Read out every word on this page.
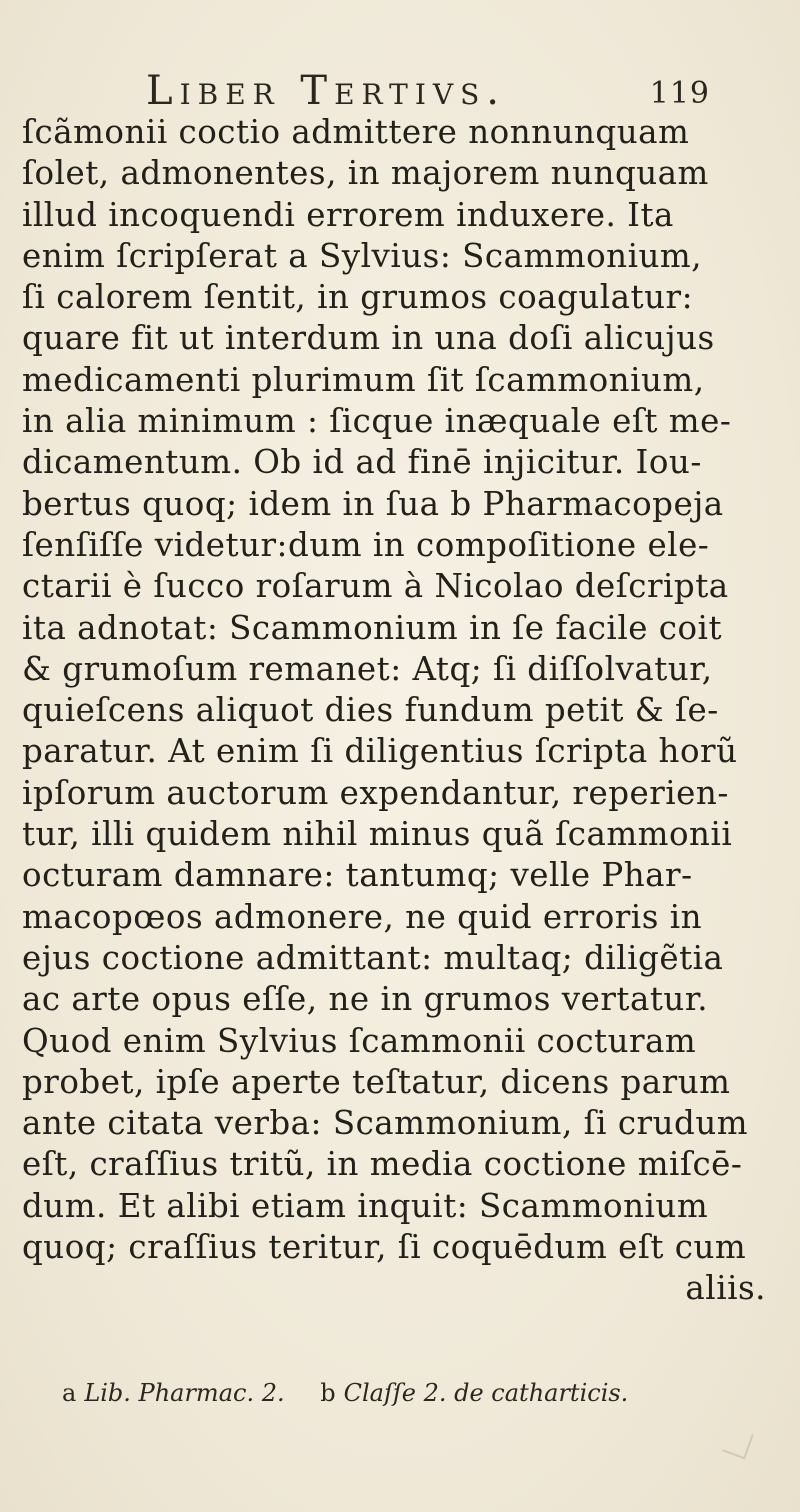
Liber Tertivs.	119
ſcãmonii coctio admittere nonnunquam
ſolet, admonentes, in majorem nunquam
illud incoquendi errorem induxere. Ita
enim ſcripſerat a Sylvius: Scammonium,
ſi calorem ſentit, in grumos coagulatur:
quare fit ut interdum in una doſi alicujus
medicamenti plurimum ſit ſcammonium,
in alia minimum : ſicque inæquale eſt me-
dicamentum. Ob id ad finē injicitur. Iou-
bertus quoq; idem in ſua b Pharmacopeja
ſenſiſſe videtur:dum in compoſitione ele-
ctarii è ſucco roſarum à Nicolao deſcripta
ita adnotat: Scammonium in ſe facile coit
& grumoſum remanet: Atq; ſi diſſolvatur,
quieſcens aliquot dies fundum petit & ſe-
paratur. At enim ſi diligentius ſcripta horũ
ipſorum auctorum expendantur, reperien-
tur, illi quidem nihil minus quã ſcammonii
octuram damnare: tantumq; velle Phar-
macopœos admonere, ne quid erroris in
ejus coctione admittant: multaq; diligẽtia
ac arte opus eſſe, ne in grumos vertatur.
Quod enim Sylvius ſcammonii cocturam
probet, ipſe aperte teſtatur, dicens parum
ante citata verba: Scammonium, ſi crudum
eſt, craſſius tritũ, in media coctione miſcē-
dum. Et alibi etiam inquit: Scammonium
quoq; craſſius teritur, ſi coquēdum eſt cum
aliis.
a Lib. Pharmac. 2. b Claſſe 2. de catharticis.
